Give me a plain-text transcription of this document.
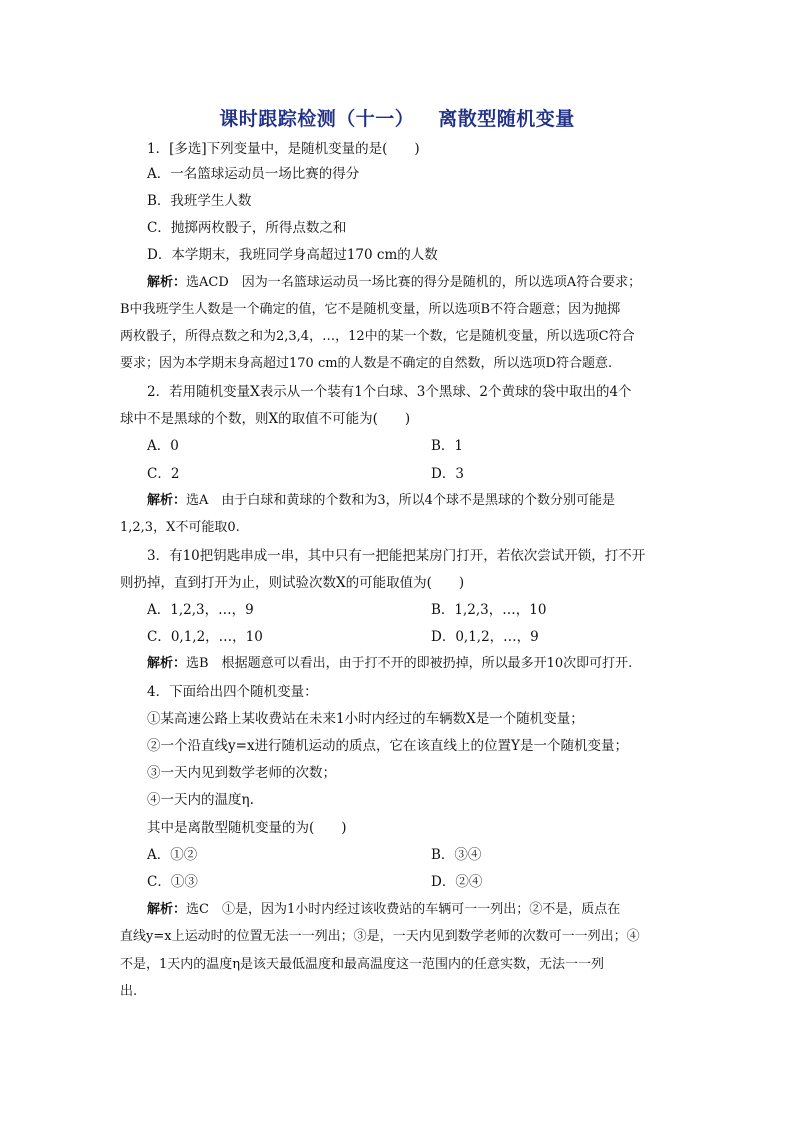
课时跟踪检测（十一） 离散型随机变量
1．[多选]下列变量中，是随机变量的是(　　)
A．一名篮球运动员一场比赛的得分
B．我班学生人数
C．抛掷两枚骰子，所得点数之和
D．本学期末，我班同学身高超过170 cm的人数
解析：选ACD　因为一名篮球运动员一场比赛的得分是随机的，所以选项A符合要求；
B中我班学生人数是一个确定的值，它不是随机变量，所以选项B不符合题意；因为抛掷
两枚骰子，所得点数之和为2,3,4，…，12中的某一个数，它是随机变量，所以选项C符合
要求；因为本学期末身高超过170 cm的人数是不确定的自然数，所以选项D符合题意.
2．若用随机变量X表示从一个装有1个白球、3个黑球、2个黄球的袋中取出的4个
球中不是黑球的个数，则X的取值不可能为(　　)
A．0	B．1
C．2	D．3
解析：选A　由于白球和黄球的个数和为3，所以4个球不是黑球的个数分别可能是
1,2,3，X不可能取0.
3．有10把钥匙串成一串，其中只有一把能把某房门打开，若依次尝试开锁，打不开
则扔掉，直到打开为止，则试验次数X的可能取值为(　　)
A．1,2,3，…，9	B．1,2,3，…，10
C．0,1,2，…，10	D．0,1,2，…，9
解析：选B　根据题意可以看出，由于打不开的即被扔掉，所以最多开10次即可打开.
4．下面给出四个随机变量：
①某高速公路上某收费站在未来1小时内经过的车辆数X是一个随机变量；
②一个沿直线y=x进行随机运动的质点，它在该直线上的位置Y是一个随机变量；
③一天内见到数学老师的次数；
④一天内的温度η.
其中是离散型随机变量的为(　　)
A．①②	B．③④
C．①③	D．②④
解析：选C　①是，因为1小时内经过该收费站的车辆可一一列出；②不是，质点在
直线y=x上运动时的位置无法一一列出；③是，一天内见到数学老师的次数可一一列出；④
不是，1天内的温度η是该天最低温度和最高温度这一范围内的任意实数，无法一一列
出.
